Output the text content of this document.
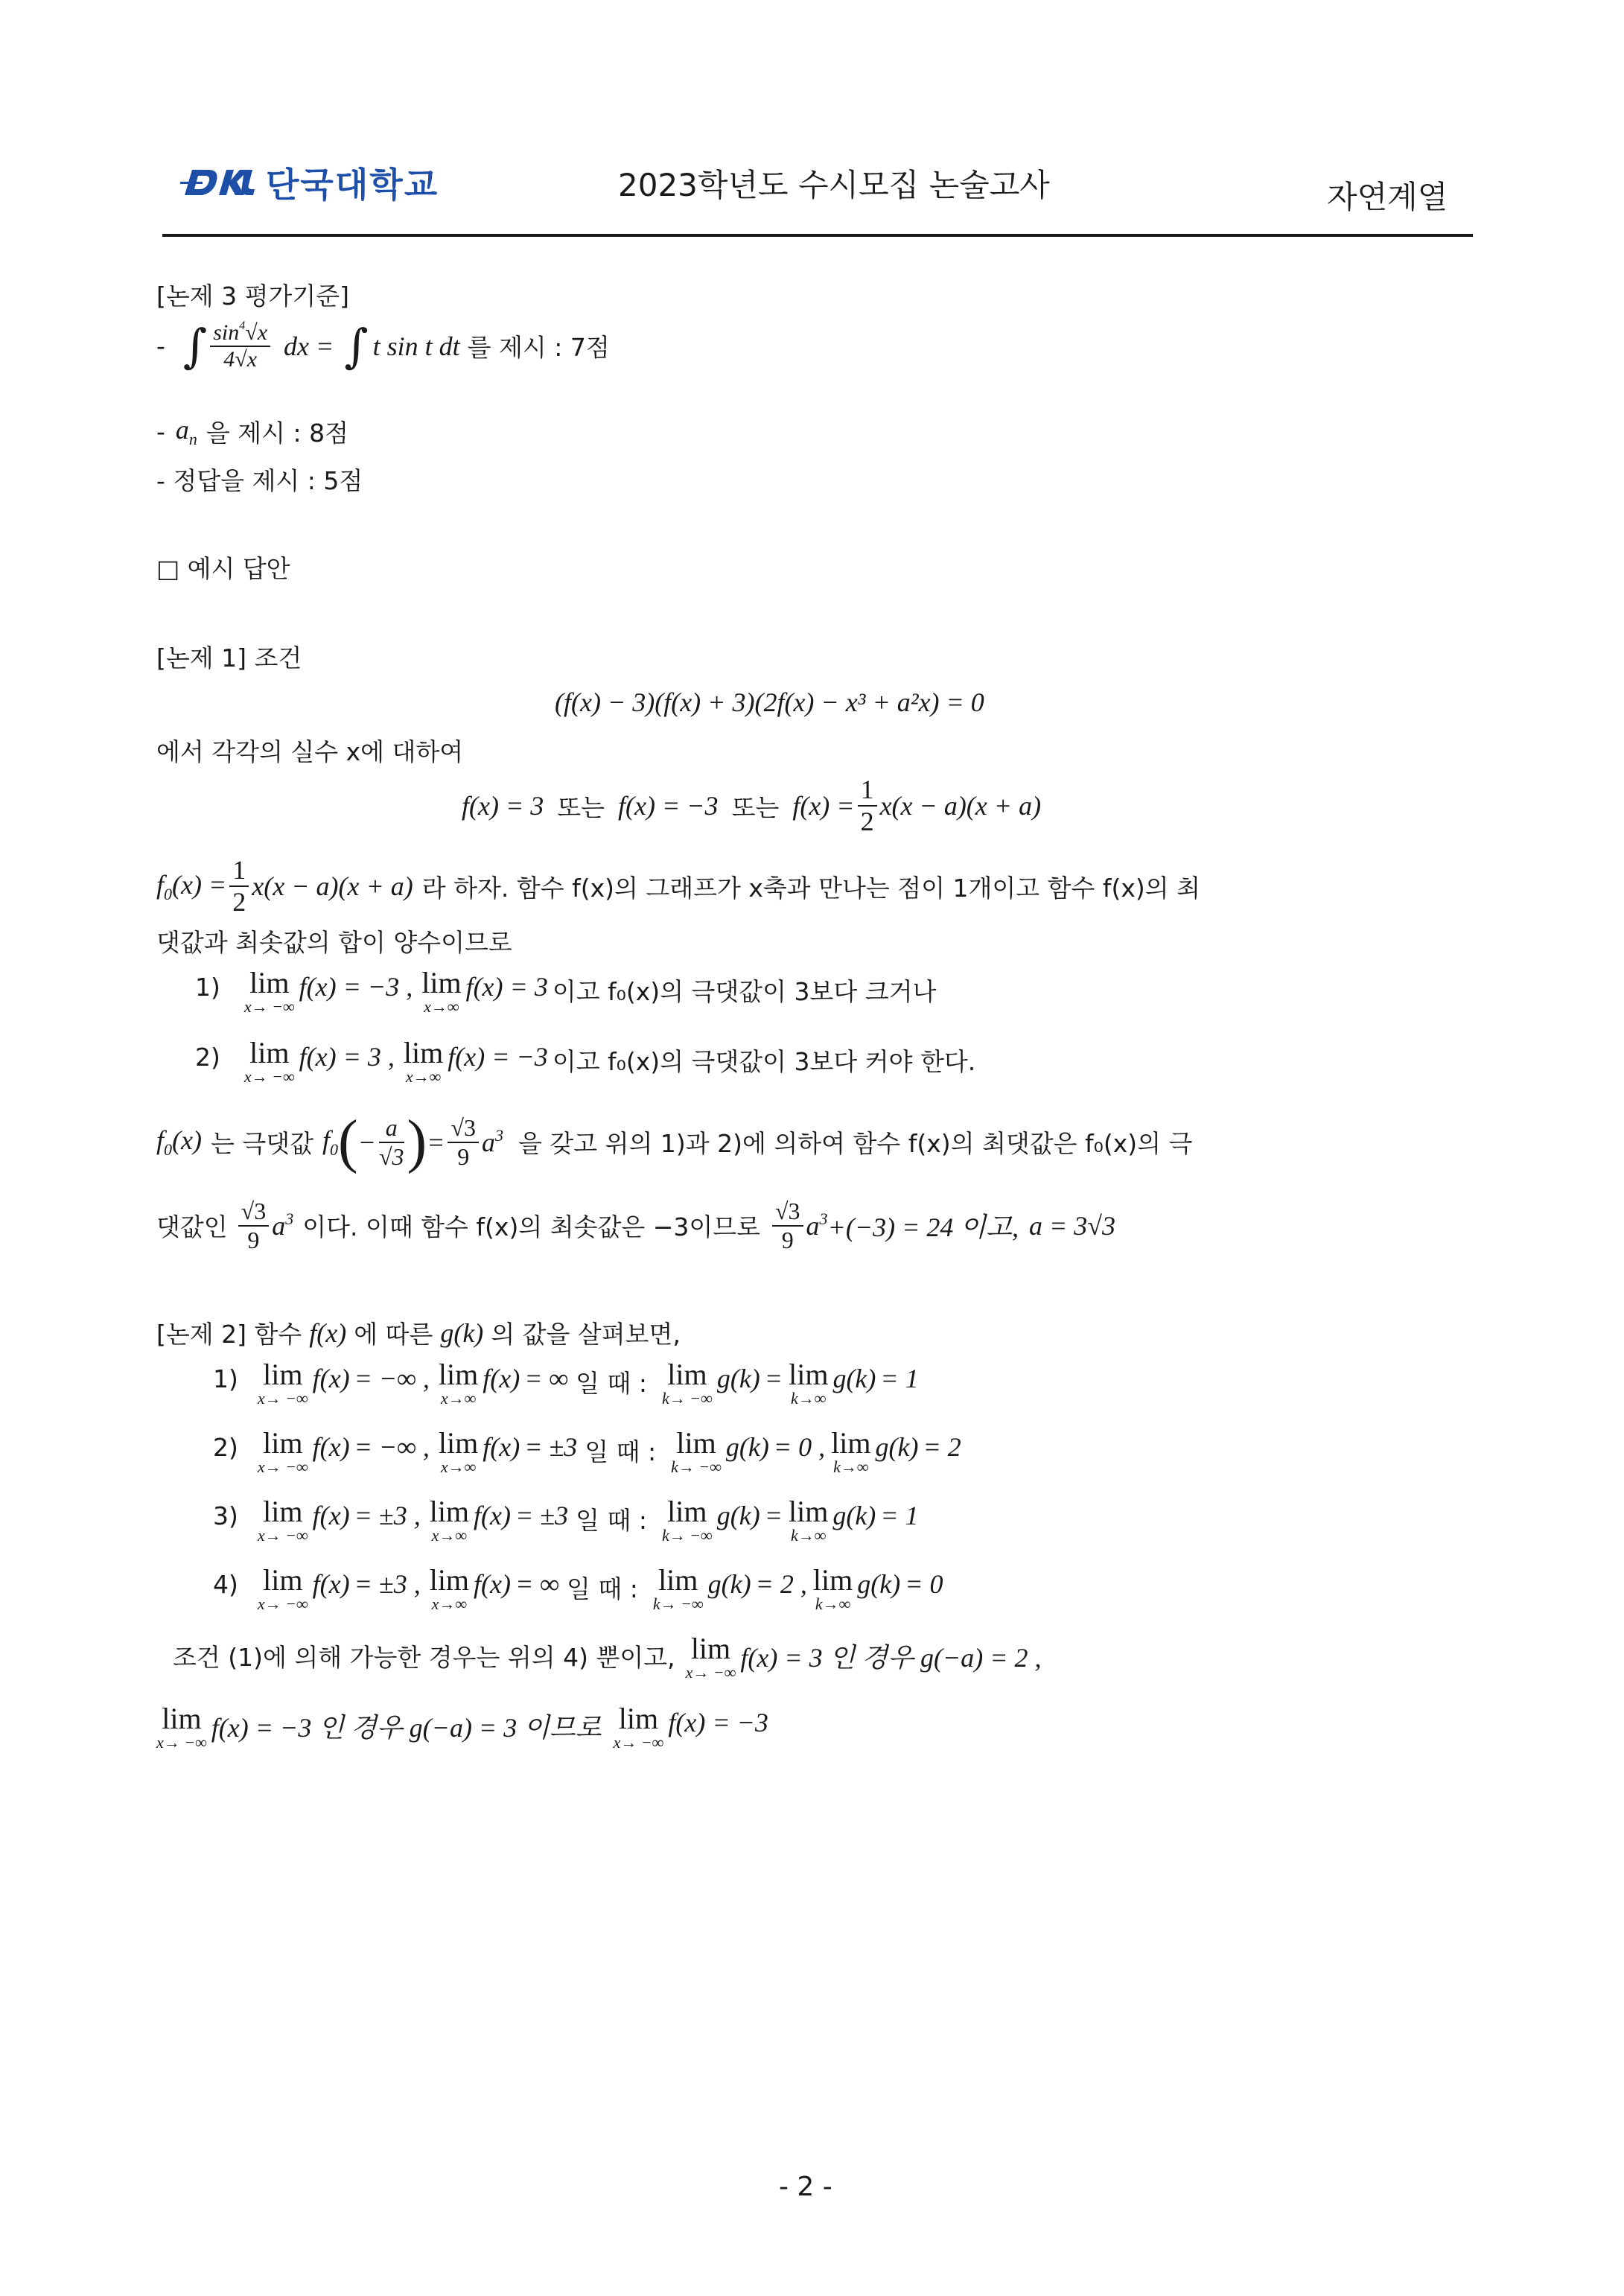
단국대학교	2023학년도 수시모집 논술고사	자연계열
[논제 3 평가기준]
- ∫ $\sin^4√x$
4√x	dx = ∫ t sin t dt 를 제시 : 7점
- $a_n$ 을 제시 : 8점
- 정답을 제시 : 5점
□ 예시 답안
[논제 1] 조건
(f(x) − 3)(f(x) + 3)(2f(x) − x³ + a²x) = 0
에서 각각의 실수 x에 대하여
f(x) = 3 또는 f(x) = −3 또는 $f(x) = \frac{1}{2} x(x - a)(x + a)$
$f_0(x) = \frac{1}{2} x(x - a)(x + a)$ 라 하자. 함수 f(x)의 그래프가 x축과 만나는 점이 1개이고 함수 f(x)의 최
댓값과 최솟값의 합이 양수이므로
1) lim
x→ −∞
f(x) = −3 , lim
x→∞
f(x) = 3 이고 f₀(x)의 극댓값이 3보다 크거나
2) lim
x→ −∞
f(x) = 3 , lim
x→∞
f(x) = −3 이고 f₀(x)의 극댓값이 3보다 커야 한다.
$f_0(x)$ 는 극댓값 $f_0$ ( − $\frac{a}{√3}$ ) = $\frac{√3}{9} a^3$ 을 갖고 위의 1)과 2)에 의하여 함수 f(x)의 최댓값은 f₀(x)의 극
댓값인
√3
9 $a^3$ 이다. 이때 함수 f(x)의 최솟값은 −3이므로
√3
9 $a^3 +(-3) = 24$ 이고, a = 3√3
[논제 2] 함수 f(x) 에 따른 g(k) 의 값을 살펴보면,
1) lim
x→ −∞
f(x) = −∞ , lim
x→∞
f(x) = ∞ 일 때 : lim
k→ −∞
g(k) = lim
k→∞
g(k) = 1
2) lim
x→ −∞
f(x) = −∞ , lim
x→∞
f(x) = ±3 일 때 : lim
k→ −∞
g(k) = 0 , lim
k→∞
g(k) = 2
3) lim
x→ −∞
f(x) = ±3 , lim
x→∞
f(x) = ±3 일 때 : lim
k→ −∞
g(k) = lim
k→∞
g(k) = 1
4) lim
x→ −∞
f(x) = ±3 , lim
x→∞
f(x) = ∞ 일 때 : lim
k→ −∞
g(k) = 2 , lim
k→∞
g(k) = 0
조건 (1)에 의해 가능한 경우는 위의 4) 뿐이고, lim
x→ −∞ f(x) = 3 인 경우 g(−a) = 2 ,
lim
x→ −∞ f(x) = −3 인 경우 g(−a) = 3 이므로 lim
x→ −∞
f(x) = −3
- 2 -
